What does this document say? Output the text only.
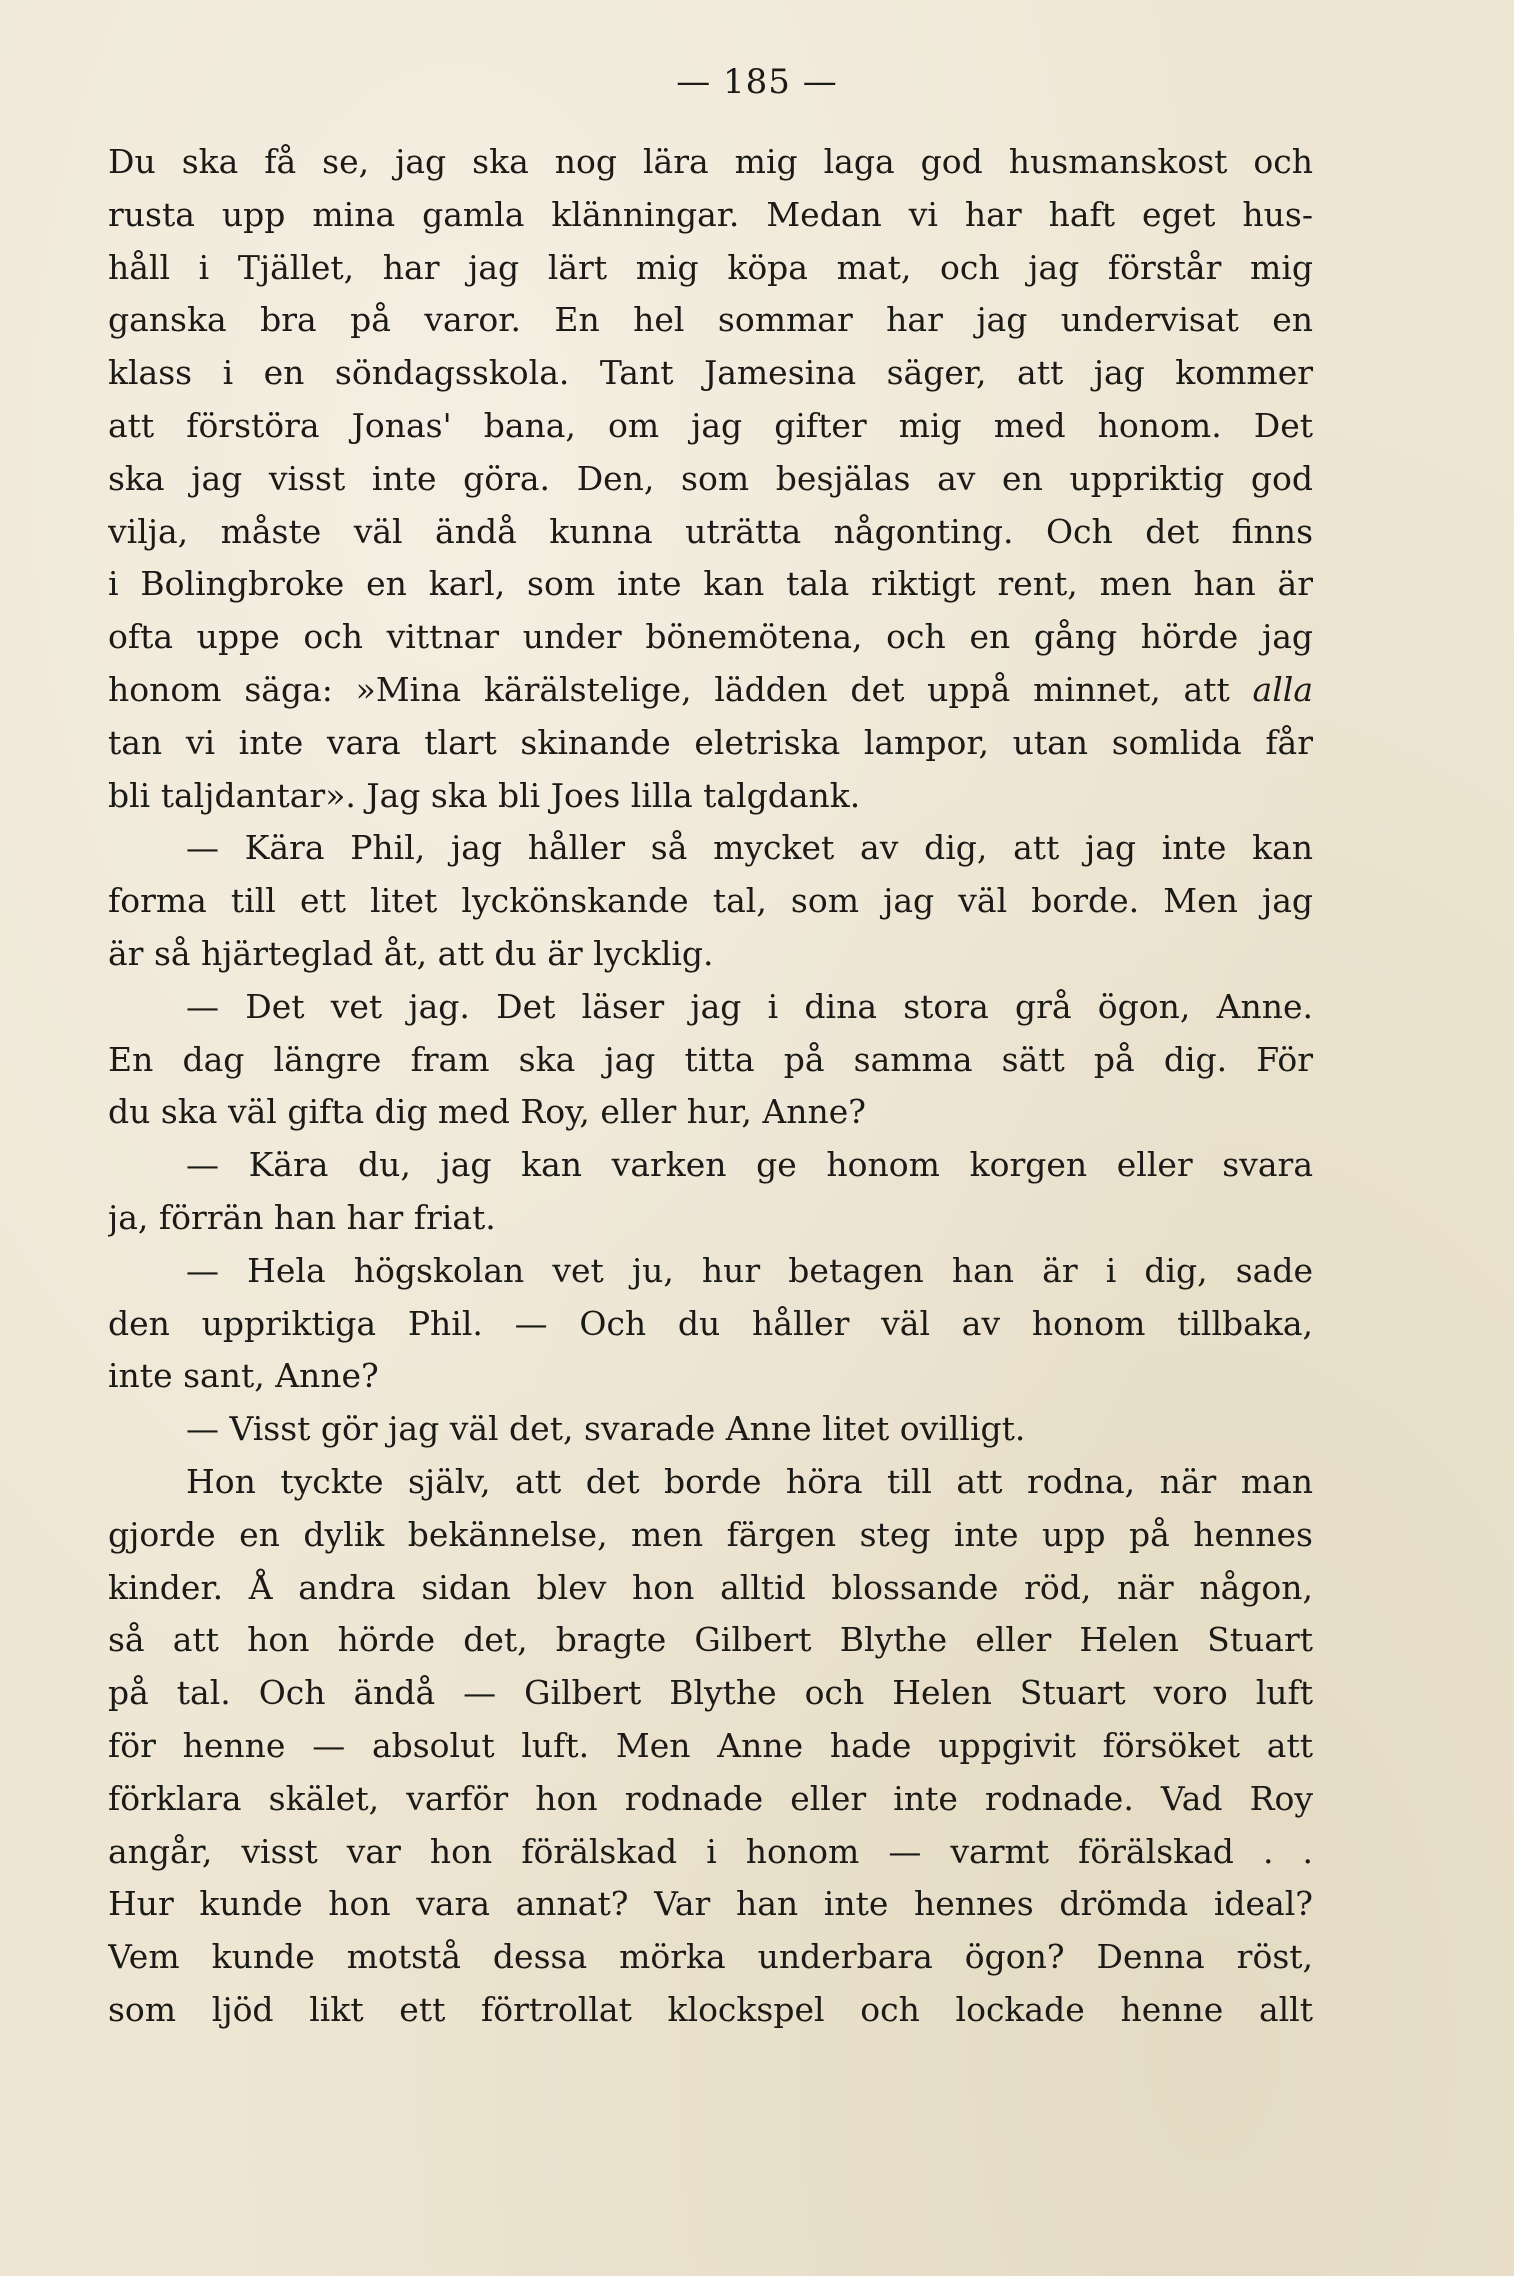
— 185 —
Du ska få se, jag ska nog lära mig laga god husmanskost och
rusta upp mina gamla klänningar. Medan vi har haft eget hus-
håll i Tjället, har jag lärt mig köpa mat, och jag förstår mig
ganska bra på varor. En hel sommar har jag undervisat en
klass i en söndagsskola. Tant Jamesina säger, att jag kommer
att förstöra Jonas' bana, om jag gifter mig med honom. Det
ska jag visst inte göra. Den, som besjälas av en uppriktig god
vilja, måste väl ändå kunna uträtta någonting. Och det finns
i Bolingbroke en karl, som inte kan tala riktigt rent, men han är
ofta uppe och vittnar under bönemötena, och en gång hörde jag
honom säga: »Mina kärälstelige, lädden det uppå minnet, att alla
tan vi inte vara tlart skinande eletriska lampor, utan somlida får
bli taljdantar». Jag ska bli Joes lilla talgdank.
— Kära Phil, jag håller så mycket av dig, att jag inte kan
forma till ett litet lyckönskande tal, som jag väl borde. Men jag
är så hjärteglad åt, att du är lycklig.
— Det vet jag. Det läser jag i dina stora grå ögon, Anne.
En dag längre fram ska jag titta på samma sätt på dig. För
du ska väl gifta dig med Roy, eller hur, Anne?
— Kära du, jag kan varken ge honom korgen eller svara
ja, förrän han har friat.
— Hela högskolan vet ju, hur betagen han är i dig, sade
den uppriktiga Phil. — Och du håller väl av honom tillbaka,
inte sant, Anne?
— Visst gör jag väl det, svarade Anne litet ovilligt.
Hon tyckte själv, att det borde höra till att rodna, när man
gjorde en dylik bekännelse, men färgen steg inte upp på hennes
kinder. Å andra sidan blev hon alltid blossande röd, när någon,
så att hon hörde det, bragte Gilbert Blythe eller Helen Stuart
på tal. Och ändå — Gilbert Blythe och Helen Stuart voro luft
för henne — absolut luft. Men Anne hade uppgivit försöket att
förklara skälet, varför hon rodnade eller inte rodnade. Vad Roy
angår, visst var hon förälskad i honom — varmt förälskad . .
Hur kunde hon vara annat? Var han inte hennes drömda ideal?
Vem kunde motstå dessa mörka underbara ögon? Denna röst,
som ljöd likt ett förtrollat klockspel och lockade henne allt
